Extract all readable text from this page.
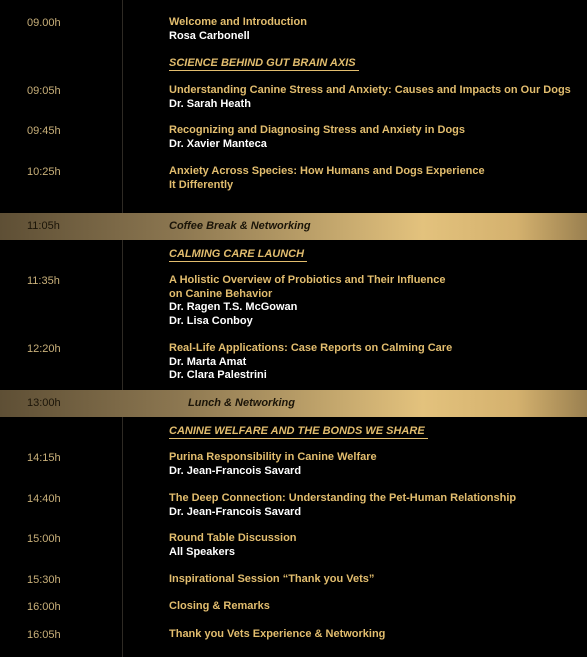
09.00h	Welcome and Introduction
Rosa Carbonell
SCIENCE BEHIND GUT BRAIN AXIS
09:05h	Understanding Canine Stress and Anxiety: Causes and Impacts on Our Dogs
Dr. Sarah Heath
09:45h	Recognizing and Diagnosing Stress and Anxiety in Dogs
Dr. Xavier Manteca
10:25h	Anxiety Across Species: How Humans and Dogs Experience
It Differently
11:05h	Coffee Break & Networking
CALMING CARE LAUNCH
11:35h	A Holistic Overview of Probiotics and Their Influence
on Canine Behavior
Dr. Ragen T.S. McGowan
Dr. Lisa Conboy
12:20h	Real-Life Applications: Case Reports on Calming Care
Dr. Marta Amat
Dr. Clara Palestrini
13:00h	Lunch & Networking
CANINE WELFARE AND THE BONDS WE SHARE
14:15h	Purina Responsibility in Canine Welfare
Dr. Jean-Francois Savard
14:40h	The Deep Connection: Understanding the Pet-Human Relationship
Dr. Jean-Francois Savard
15:00h	Round Table Discussion
All Speakers
15:30h	Inspirational Session “Thank you Vets”
16:00h	Closing & Remarks
16:05h	Thank you Vets Experience & Networking
